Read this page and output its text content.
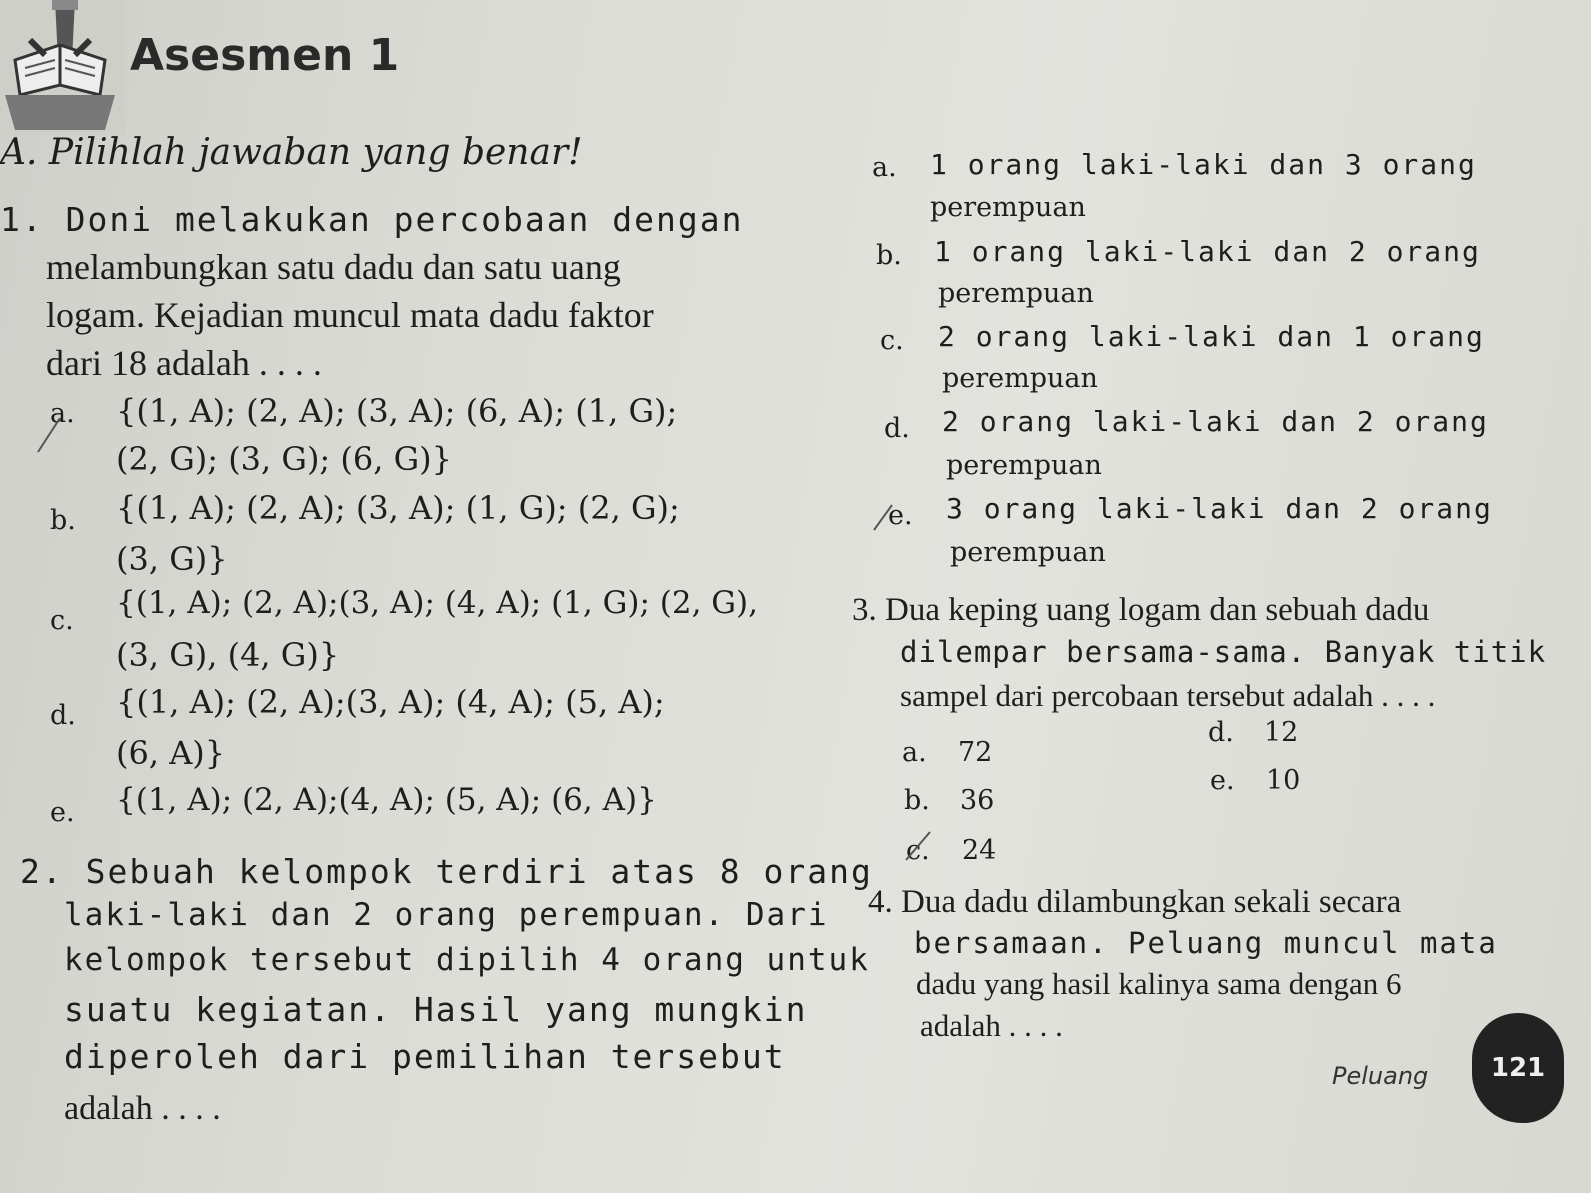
Asesmen 1
A. Pilihlah jawaban yang benar!
1. Doni melakukan percobaan dengan
melambungkan satu dadu dan satu uang
logam. Kejadian muncul mata dadu faktor
dari 18 adalah . . . .
a. {(1, A); (2, A); (3, A); (6, A); (1, G);
(2, G); (3, G); (6, G)}
b. {(1, A); (2, A); (3, A); (1, G); (2, G);
(3, G)}
c. {(1, A); (2, A);(3, A); (4, A); (1, G); (2, G),
(3, G), (4, G)}
d. {(1, A); (2, A);(3, A); (4, A); (5, A);
(6, A)}
e. {(1, A); (2, A);(4, A); (5, A); (6, A)}
2. Sebuah kelompok terdiri atas 8 orang
laki-laki dan 2 orang perempuan. Dari
kelompok tersebut dipilih 4 orang untuk
suatu kegiatan. Hasil yang mungkin
diperoleh dari pemilihan tersebut
adalah . . . .
a. 1 orang laki-laki dan 3 orang
perempuan
b. 1 orang laki-laki dan 2 orang
perempuan
c. 2 orang laki-laki dan 1 orang
perempuan
d. 2 orang laki-laki dan 2 orang
perempuan
e. 3 orang laki-laki dan 2 orang
perempuan
3. Dua keping uang logam dan sebuah dadu
dilempar bersama-sama. Banyak titik
sampel dari percobaan tersebut adalah . . . .
a. 72
b. 36
c. 24
d. 12
e. 10
4. Dua dadu dilambungkan sekali secara
bersamaan. Peluang muncul mata
dadu yang hasil kalinya sama dengan 6
adalah . . . .
Peluang	121
